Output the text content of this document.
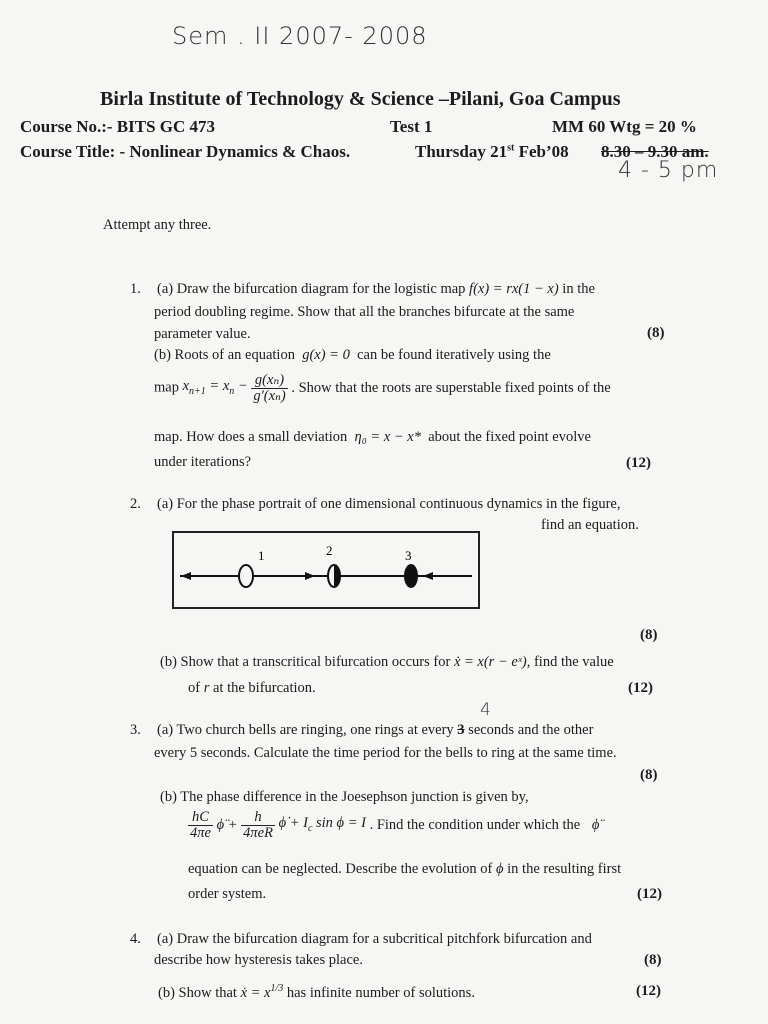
Sem . II 2007- 2008
Birla Institute of Technology & Science –Pilani, Goa Campus
Course No.:- BITS GC 473	Test 1	MM 60 Wtg = 20 %
Course Title: - Nonlinear Dynamics & Chaos.	Thursday 21st Feb’08 8.30 – 9.30 am.
4 - 5 pm
Attempt any three.
1. (a) Draw the bifurcation diagram for the logistic map f(x) = rx(1 − x) in the
period doubling regime. Show that all the branches bifurcate at the same
parameter value.	(8)
(b) Roots of an equation g(x) = 0 can be found iteratively using the
map $x_{n+1} = x_n - \frac{\text{g(xₙ)}}{\text{g′(xₙ)}}$ . Show that the roots are superstable fixed points of the
map. How does a small deviation η₀ = x − x* about the fixed point evolve
under iterations?	(12)
2. (a) For the phase portrait of one dimensional continuous dynamics in the figure,
find an equation.
1	2	3
(8)
(b) Show that a transcritical bifurcation occurs for ẋ = x(r − eˣ), find the value
of r at the bifurcation.	(12)
4
3. (a) Two church bells are ringing, one rings at every 3 seconds and the other
every 5 seconds. Calculate the time period for the bells to ring at the same time.
(8)
(b) The phase difference in the Joesephson junction is given by,
$\frac{hC}{4\pi e}$ ϕ̈ + $\frac{h}{\text{4πeR}}$ ϕ̇ + $I_c$ sin ϕ = I . Find the condition under which the ϕ̈
equation can be neglected. Describe the evolution of ϕ in the resulting first
order system.	(12)
4. (a) Draw the bifurcation diagram for a subcritical pitchfork bifurcation and
describe how hysteresis takes place.	(8)
(b) Show that ẋ = $x^{1/3}$ has infinite number of solutions.	(12)
